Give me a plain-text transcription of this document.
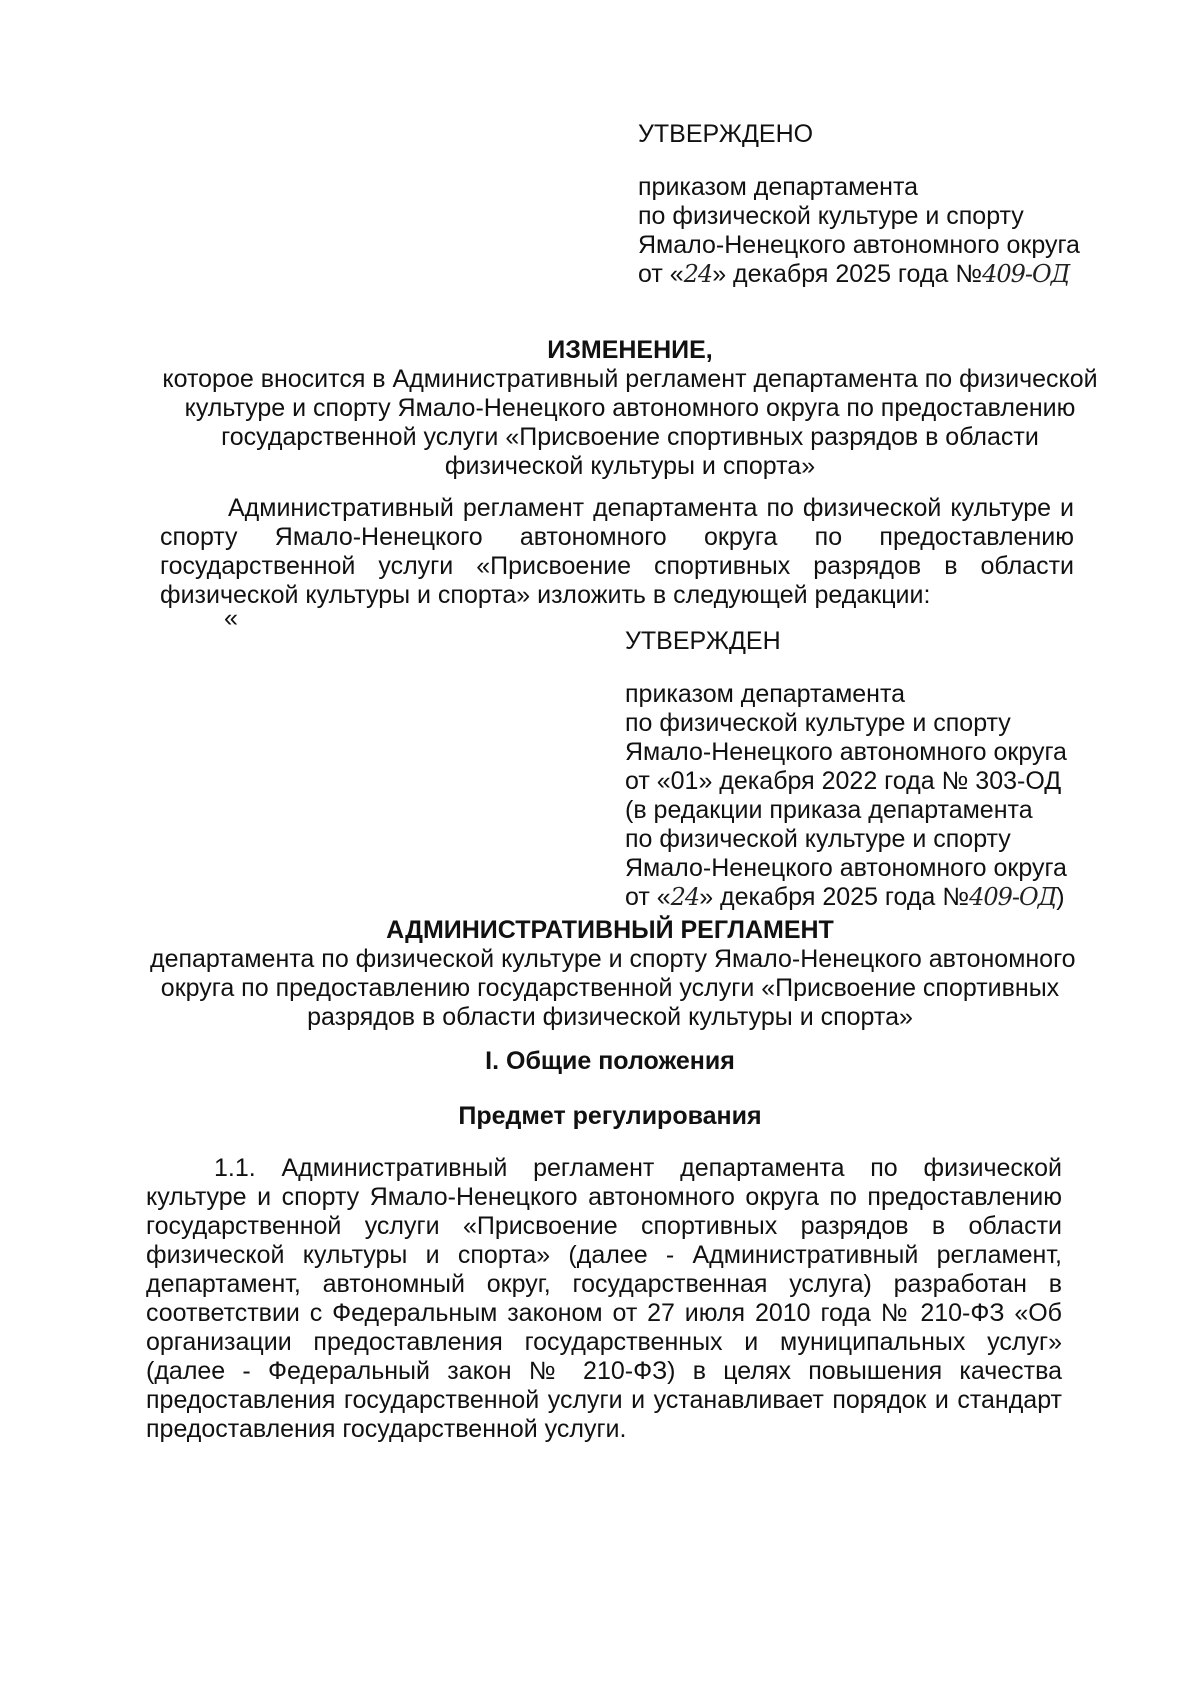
УТВЕРЖДЕНО
приказом департамента
по физической культуре и спорту
Ямало-Ненецкого автономного округа
от «24» декабря 2025 года №409-ОД
ИЗМЕНЕНИЕ,
которое вносится в Административный регламент департамента по физической
культуре и спорту Ямало-Ненецкого автономного округа по предоставлению
государственной услуги «Присвоение спортивных разрядов в области
физической культуры и спорта»

Административный регламент департамента по физической культуре и спорту Ямало-Ненецкого автономного округа по предоставлению государственной услуги «Присвоение спортивных разрядов в области физической культуры и спорта» изложить в следующей редакции:

«
УТВЕРЖДЕН
приказом департамента
по физической культуре и спорту
Ямало-Ненецкого автономного округа
от «01» декабря 2022 года № 303-ОД
(в редакции приказа департамента
по физической культуре и спорту
Ямало-Ненецкого автономного округа
от «24» декабря 2025 года №409-ОД)
АДМИНИСТРАТИВНЫЙ РЕГЛАМЕНТ
департамента по физической культуре и спорту Ямало-Ненецкого автономного
округа по предоставлению государственной услуги «Присвоение спортивных
разрядов в области физической культуры и спорта»
I. Общие положения
Предмет регулирования

1.1. Административный регламент департамента по физической культуре и спорту Ямало-Ненецкого автономного округа по предоставлению государственной услуги «Присвоение спортивных разрядов в области физической культуры и спорта» (далее - Административный регламент, департамент, автономный округ, государственная услуга) разработан в соответствии с Федеральным законом от 27 июля 2010 года № 210-ФЗ «Об организации предоставления государственных и муниципальных услуг» (далее - Федеральный закон № 210-ФЗ) в целях повышения качества предоставления государственной услуги и устанавливает порядок и стандарт предоставления государственной услуги.
